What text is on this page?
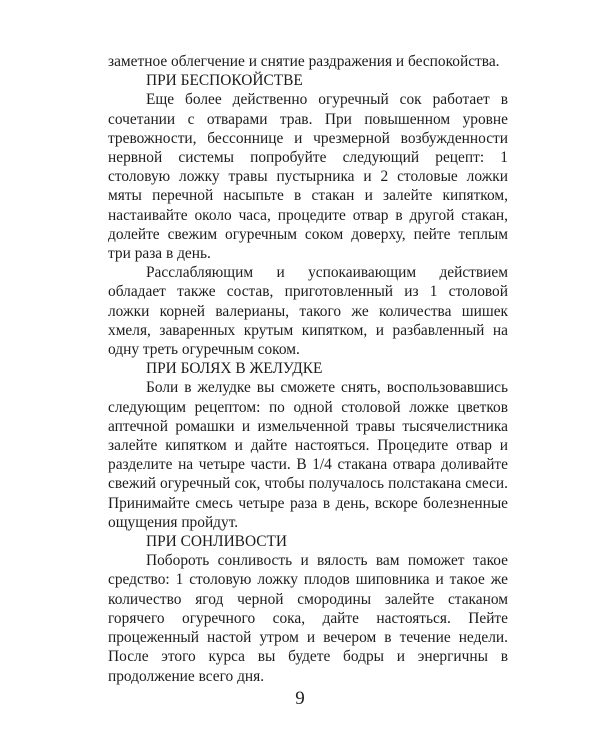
заметное облегчение и снятие раздражения и беспокойства.

ПРИ БЕСПОКОЙСТВЕ

Еще более действенно огуречный сок работает в сочетании с отварами трав. При повышенном уровне тревожности, бессоннице и чрезмерной возбужденности нервной системы попробуйте следующий рецепт: 1 столовую ложку травы пустырника и 2 столовые ложки мяты перечной насыпьте в стакан и залейте кипятком, настаивайте около часа, процедите отвар в другой стакан, долейте свежим огуречным соком доверху, пейте теплым три раза в день.

Расслабляющим и успокаивающим действием обладает также состав, приготовленный из 1 столовой ложки корней валерианы, такого же количества шишек хмеля, заваренных крутым кипятком, и разбавленный на одну треть огуречным соком.

ПРИ БОЛЯХ В ЖЕЛУДКЕ

Боли в желудке вы сможете снять, воспользовавшись следующим рецептом: по одной столовой ложке цветков аптечной ромашки и измельченной травы тысячелистника залейте кипятком и дайте настояться. Процедите отвар и разделите на четыре части. В 1/4 стакана отвара доливайте свежий огуречный сок, чтобы получалось полстакана смеси. Принимайте смесь четыре раза в день, вскоре болезненные ощущения пройдут.

ПРИ СОНЛИВОСТИ

Побороть сонливость и вялость вам поможет такое средство: 1 столовую ложку плодов шиповника и такое же количество ягод черной смородины залейте стаканом горячего огуречного сока, дайте настояться. Пейте процеженный настой утром и вечером в течение недели. После этого курса вы будете бодры и энергичны в продолжение всего дня.

9
